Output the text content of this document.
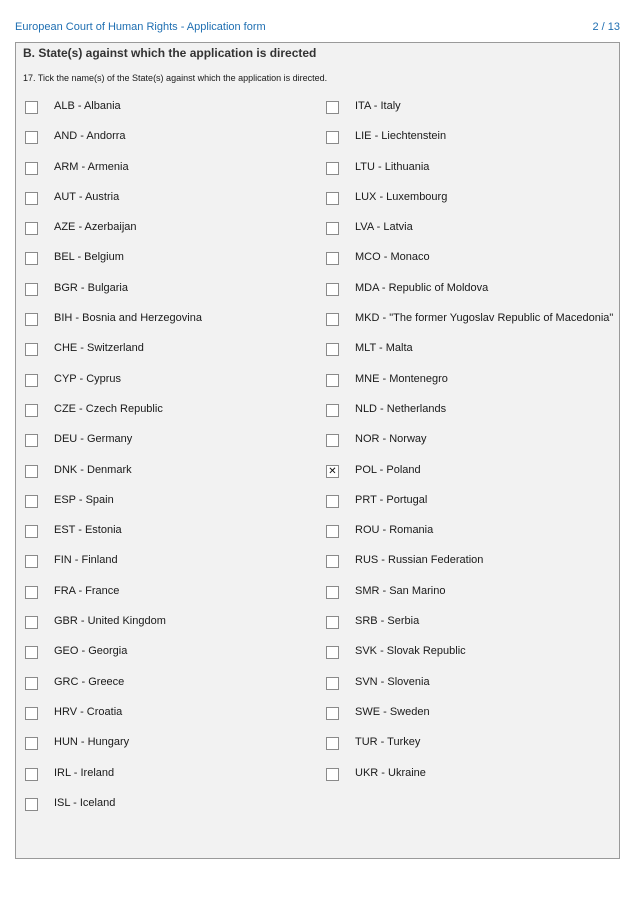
European Court of Human Rights - Application form	2 / 13
B. State(s) against which the application is directed
17. Tick the name(s) of the State(s) against which the application is directed.
ALB - Albania
AND - Andorra
ARM - Armenia
AUT - Austria
AZE - Azerbaijan
BEL - Belgium
BGR - Bulgaria
BIH - Bosnia and Herzegovina
CHE - Switzerland
CYP - Cyprus
CZE - Czech Republic
DEU - Germany
DNK - Denmark
ESP - Spain
EST - Estonia
FIN - Finland
FRA - France
GBR - United Kingdom
GEO - Georgia
GRC - Greece
HRV - Croatia
HUN - Hungary
IRL - Ireland
ISL - Iceland
ITA - Italy
LIE - Liechtenstein
LTU - Lithuania
LUX - Luxembourg
LVA - Latvia
MCO - Monaco
MDA - Republic of Moldova
MKD - "The former Yugoslav Republic of Macedonia"
MLT - Malta
MNE - Montenegro
NLD - Netherlands
NOR - Norway
✕ POL - Poland
PRT - Portugal
ROU - Romania
RUS - Russian Federation
SMR - San Marino
SRB - Serbia
SVK - Slovak Republic
SVN - Slovenia
SWE - Sweden
TUR - Turkey
UKR - Ukraine
